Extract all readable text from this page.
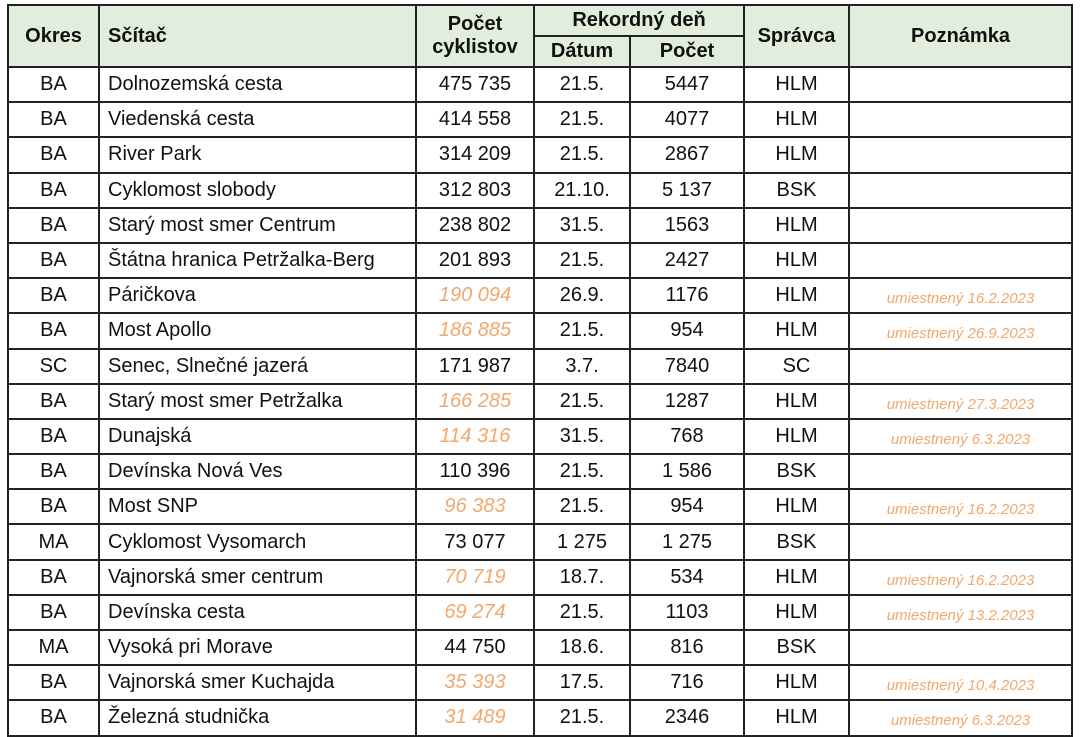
Okres	Sčítač	Počet cyklistov	Rekordný deň		Správca	Poznámka
			Dátum	Počet		
BA	Dolnozemská cesta	475 735	21.5.	5447	HLM	
BA	Viedenská cesta	414 558	21.5.	4077	HLM	
BA	River Park	314 209	21.5.	2867	HLM	
BA	Cyklomost slobody	312 803	21.10.	5 137	BSK	
BA	Starý most smer Centrum	238 802	31.5.	1563	HLM	
BA	Štátna hranica Petržalka-Berg	201 893	21.5.	2427	HLM	
BA	Páričkova	190 094	26.9.	1176	HLM	umiestnený 16.2.2023
BA	Most Apollo	186 885	21.5.	954	HLM	umiestnený 26.9.2023
SC	Senec, Slnečné jazerá	171 987	3.7.	7840	SC	
BA	Starý most smer Petržalka	166 285	21.5.	1287	HLM	umiestnený 27.3.2023
BA	Dunajská	114 316	31.5.	768	HLM	umiestnený 6.3.2023
BA	Devínska Nová Ves	110 396	21.5.	1 586	BSK	
BA	Most SNP	96 383	21.5.	954	HLM	umiestnený 16.2.2023
MA	Cyklomost Vysomarch	73 077	1 275	1 275	BSK	
BA	Vajnorská smer centrum	70 719	18.7.	534	HLM	umiestnený 16.2.2023
BA	Devínska cesta	69 274	21.5.	1103	HLM	umiestnený 13.2.2023
MA	Vysoká pri Morave	44 750	18.6.	816	BSK	
BA	Vajnorská smer Kuchajda	35 393	17.5.	716	HLM	umiestnený 10.4.2023
BA	Železná studnička	31 489	21.5.	2346	HLM	umiestnený 6.3.2023
